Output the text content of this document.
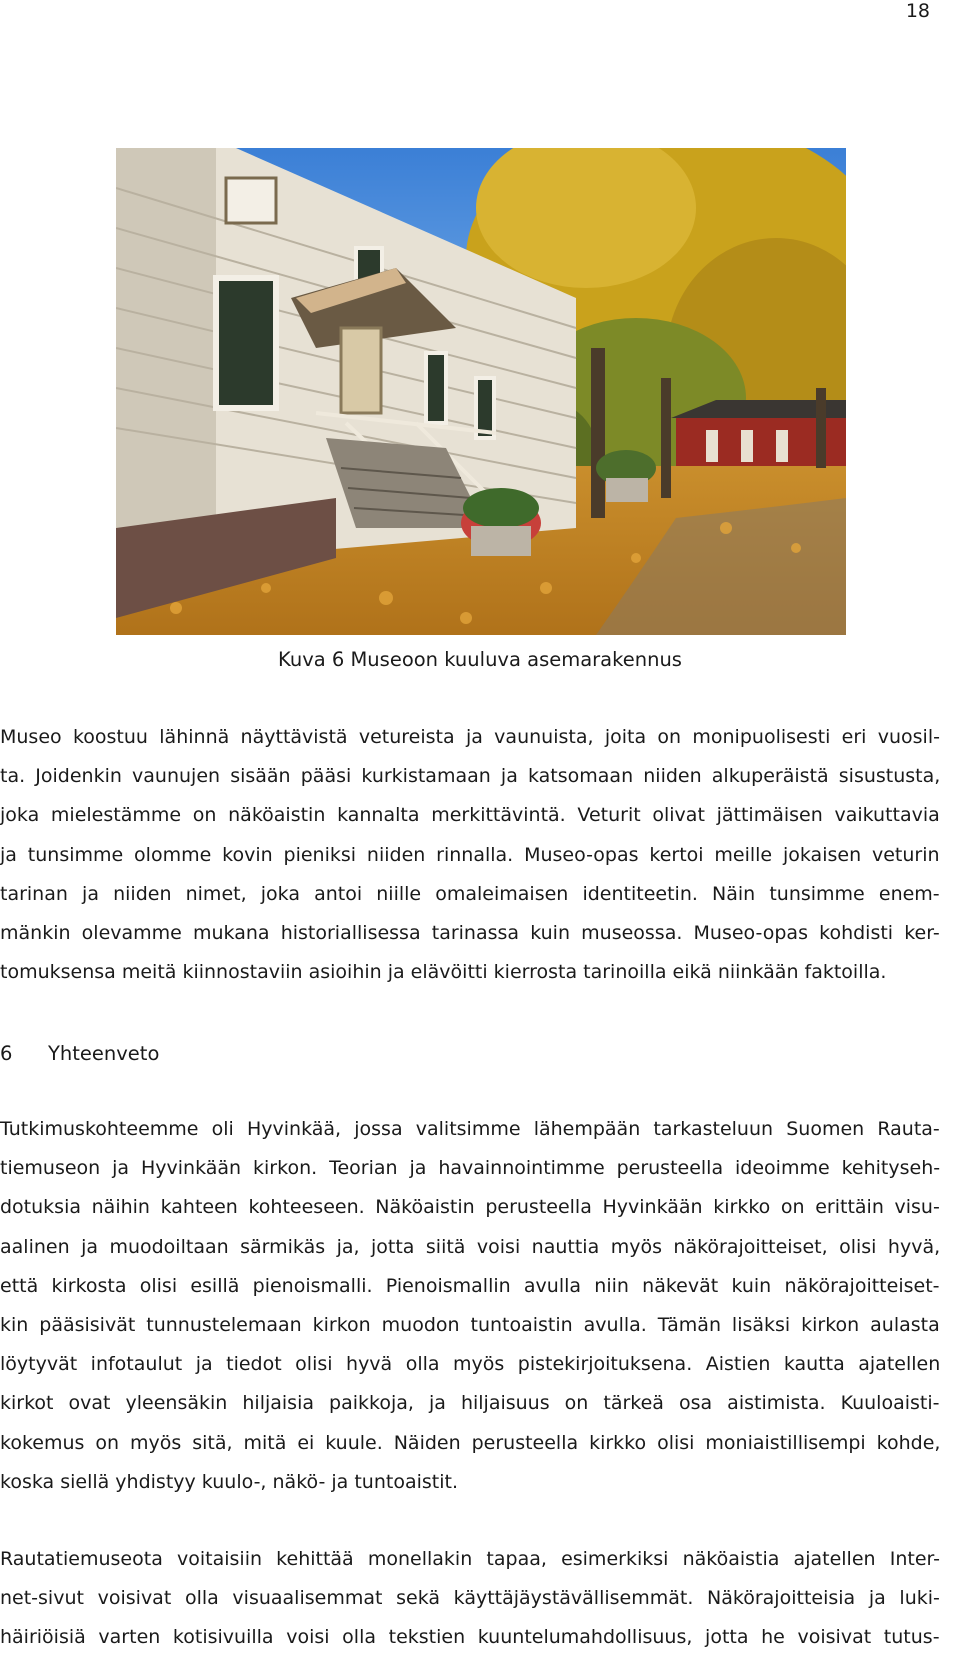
18
Kuva 6 Museoon kuuluva asemarakennus

Museo koostuu lähinnä näyttävistä vetureista ja vaunuista, joita on monipuolisesti eri vuosil-
ta. Joidenkin vaunujen sisään pääsi kurkistamaan ja katsomaan niiden alkuperäistä sisustusta,
joka mielestämme on näköaistin kannalta merkittävintä. Veturit olivat jättimäisen vaikuttavia
ja tunsimme olomme kovin pieniksi niiden rinnalla. Museo-opas kertoi meille jokaisen veturin
tarinan ja niiden nimet, joka antoi niille omaleimaisen identiteetin. Näin tunsimme enem-
mänkin olevamme mukana historiallisessa tarinassa kuin museossa. Museo-opas kohdisti ker-
tomuksensa meitä kiinnostaviin asioihin ja elävöitti kierrosta tarinoilla eikä niinkään faktoilla.

6 Yhteenveto

Tutkimuskohteemme oli Hyvinkää, jossa valitsimme lähempään tarkasteluun Suomen Rauta-
tiemuseon ja Hyvinkään kirkon. Teorian ja havainnointimme perusteella ideoimme kehityseh-
dotuksia näihin kahteen kohteeseen. Näköaistin perusteella Hyvinkään kirkko on erittäin visu-
aalinen ja muodoiltaan särmikäs ja, jotta siitä voisi nauttia myös näkörajoitteiset, olisi hyvä,
että kirkosta olisi esillä pienoismalli. Pienoismallin avulla niin näkevät kuin näkörajoitteiset-
kin pääsisivät tunnustelemaan kirkon muodon tuntoaistin avulla. Tämän lisäksi kirkon aulasta
löytyvät infotaulut ja tiedot olisi hyvä olla myös pistekirjoituksena. Aistien kautta ajatellen
kirkot ovat yleensäkin hiljaisia paikkoja, ja hiljaisuus on tärkeä osa aistimista. Kuuloaisti-
kokemus on myös sitä, mitä ei kuule. Näiden perusteella kirkko olisi moniaistillisempi kohde,
koska siellä yhdistyy kuulo-, näkö- ja tuntoaistit.

Rautatiemuseota voitaisiin kehittää monellakin tapaa, esimerkiksi näköaistia ajatellen Inter-
net-sivut voisivat olla visuaalisemmat sekä käyttäjäystävällisemmät. Näkörajoitteisia ja luki-
häiriöisiä varten kotisivuilla voisi olla tekstien kuuntelumahdollisuus, jotta he voisivat tutus-
